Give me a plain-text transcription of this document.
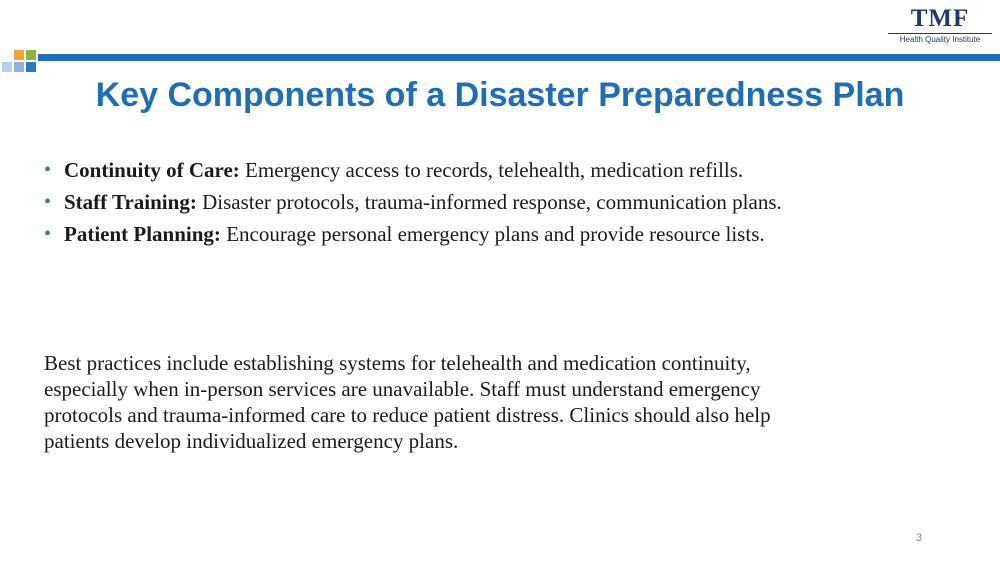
TMF
Health Quality Institute
Key Components of a Disaster Preparedness Plan
• Continuity of Care: Emergency access to records, telehealth, medication refills.
• Staff Training: Disaster protocols, trauma-informed response, communication plans.
• Patient Planning: Encourage personal emergency plans and provide resource lists.

Best practices include establishing systems for telehealth and medication continuity, especially when in-person services are unavailable. Staff must understand emergency protocols and trauma-informed care to reduce patient distress. Clinics should also help patients develop individualized emergency plans.

3
